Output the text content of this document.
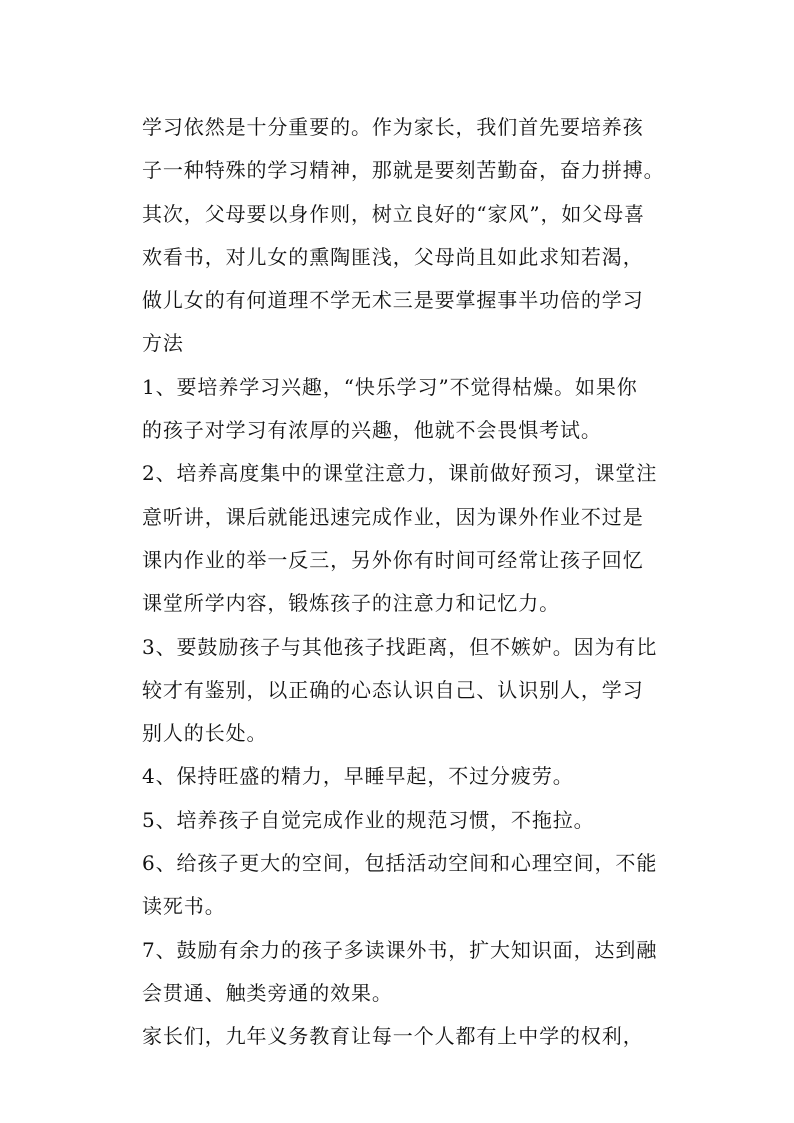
学习依然是十分重要的。作为家长，我们首先要培养孩
子一种特殊的学习精神，那就是要刻苦勤奋，奋力拼搏。
其次，父母要以身作则，树立良好的“家风”，如父母喜
欢看书，对儿女的熏陶匪浅，父母尚且如此求知若渴，
做儿女的有何道理不学无术三是要掌握事半功倍的学习
方法
1、要培养学习兴趣，“快乐学习”不觉得枯燥。如果你
的孩子对学习有浓厚的兴趣，他就不会畏惧考试。
2、培养高度集中的课堂注意力，课前做好预习，课堂注
意听讲，课后就能迅速完成作业，因为课外作业不过是
课内作业的举一反三，另外你有时间可经常让孩子回忆
课堂所学内容，锻炼孩子的注意力和记忆力。
3、要鼓励孩子与其他孩子找距离，但不嫉妒。因为有比
较才有鉴别，以正确的心态认识自己、认识别人，学习
别人的长处。
4、保持旺盛的精力，早睡早起，不过分疲劳。
5、培养孩子自觉完成作业的规范习惯，不拖拉。
6、给孩子更大的空间，包括活动空间和心理空间，不能
读死书。
7、鼓励有余力的孩子多读课外书，扩大知识面，达到融
会贯通、触类旁通的效果。
家长们，九年义务教育让每一个人都有上中学的权利，
